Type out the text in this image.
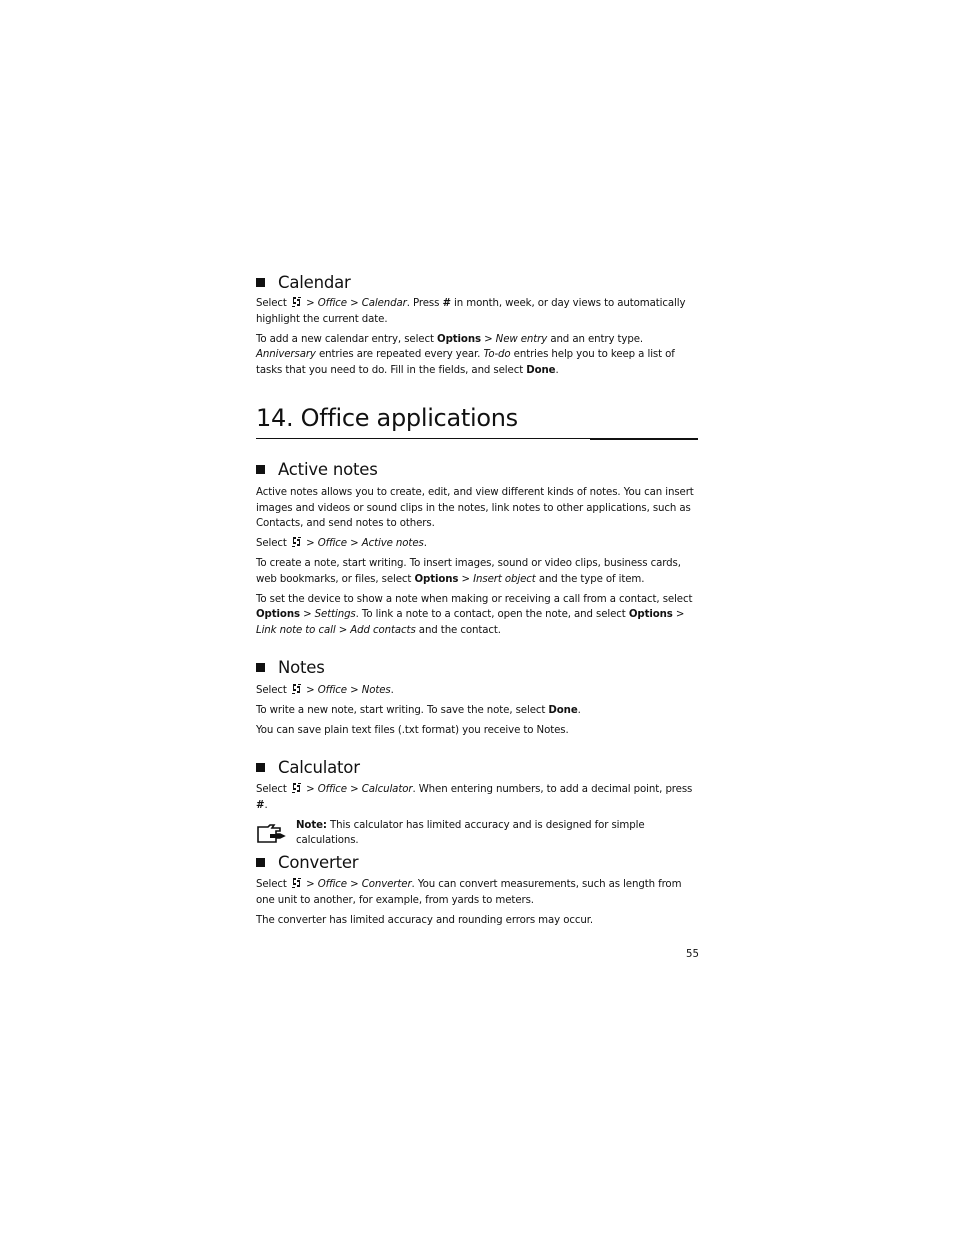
Calendar

Select > Office > Calendar. Press # in month, week, or day views to automatically highlight the current date.

To add a new calendar entry, select Options > New entry and an entry type. Anniversary entries are repeated every year. To-do entries help you to keep a list of tasks that you need to do. Fill in the fields, and select Done.

14. Office applications
Active notes

Active notes allows you to create, edit, and view different kinds of notes. You can insert images and videos or sound clips in the notes, link notes to other applications, such as Contacts, and send notes to others.

Select > Office > Active notes.

To create a note, start writing. To insert images, sound or video clips, business cards, web bookmarks, or files, select Options > Insert object and the type of item.

To set the device to show a note when making or receiving a call from a contact, select Options > Settings. To link a note to a contact, open the note, and select Options > Link note to call > Add contacts and the contact.

Notes

Select > Office > Notes.

To write a new note, start writing. To save the note, select Done.

You can save plain text files (.txt format) you receive to Notes.

Calculator

Select > Office > Calculator. When entering numbers, to add a decimal point, press #.

Note: This calculator has limited accuracy and is designed for simple calculations.

Converter

Select > Office > Converter. You can convert measurements, such as length from one unit to another, for example, from yards to meters.

The converter has limited accuracy and rounding errors may occur.

55
